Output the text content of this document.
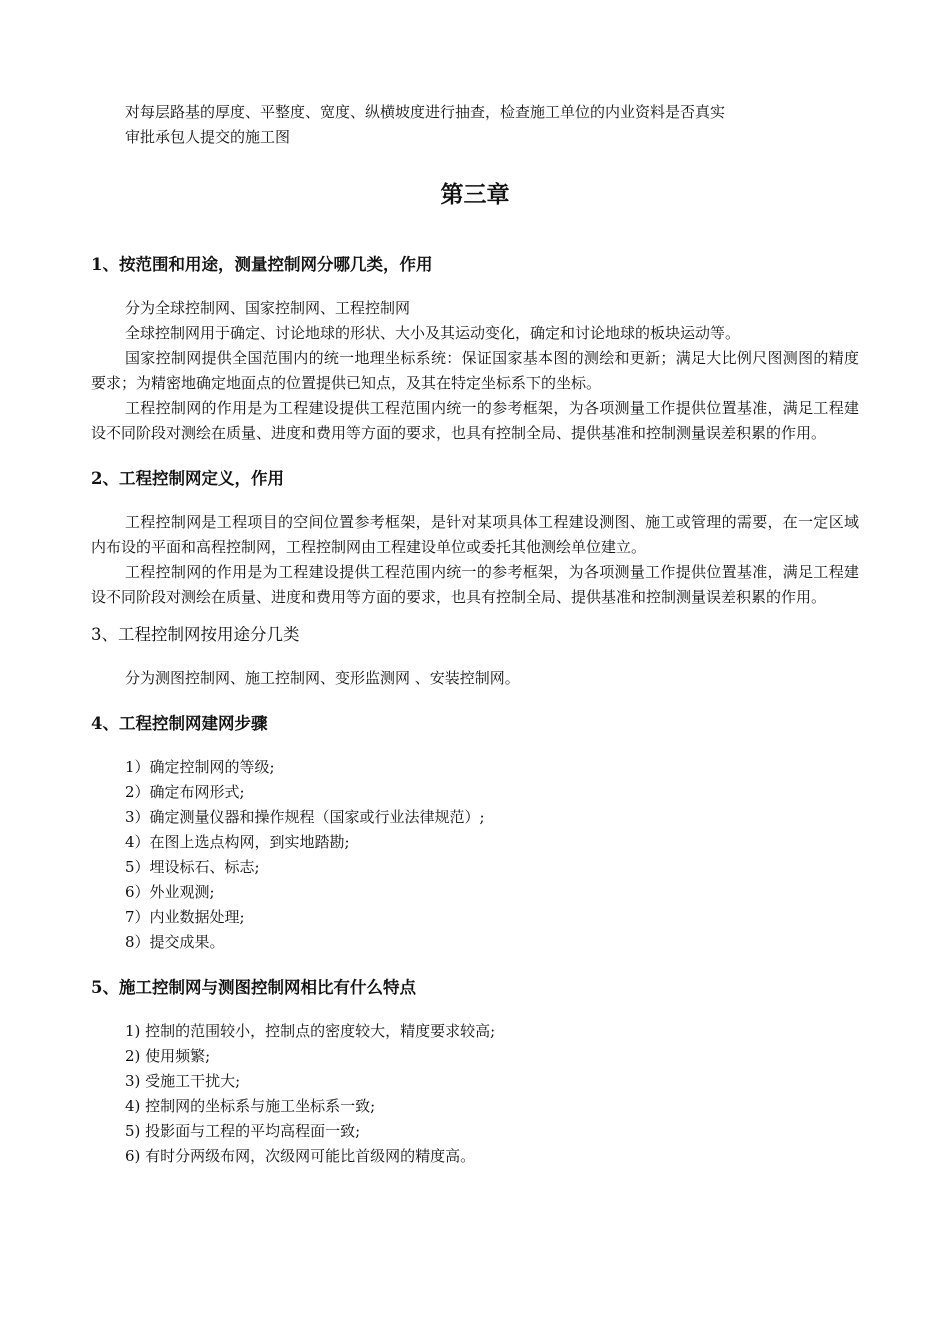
对每层路基的厚度、平整度、宽度、纵横坡度进行抽查，检查施工单位的内业资料是否真实

审批承包人提交的施工图

第三章
1、按范围和用途，测量控制网分哪几类，作用

分为全球控制网、国家控制网、工程控制网

全球控制网用于确定、讨论地球的形状、大小及其运动变化，确定和讨论地球的板块运动等。

国家控制网提供全国范围内的统一地理坐标系统：保证国家基本图的测绘和更新；满足大比例尺图测图的精度要求；为精密地确定地面点的位置提供已知点，及其在特定坐标系下的坐标。

工程控制网的作用是为工程建设提供工程范围内统一的参考框架，为各项测量工作提供位置基准，满足工程建设不同阶段对测绘在质量、进度和费用等方面的要求，也具有控制全局、提供基准和控制测量误差积累的作用。

2、工程控制网定义，作用

工程控制网是工程项目的空间位置参考框架，是针对某项具体工程建设测图、施工或管理的需要，在一定区域内布设的平面和高程控制网，工程控制网由工程建设单位或委托其他测绘单位建立。

工程控制网的作用是为工程建设提供工程范围内统一的参考框架，为各项测量工作提供位置基准，满足工程建设不同阶段对测绘在质量、进度和费用等方面的要求，也具有控制全局、提供基准和控制测量误差积累的作用。

3、工程控制网按用途分几类

分为测图控制网、施工控制网、变形监测网 、安装控制网。

4、工程控制网建网步骤
1）确定控制网的等级;
2）确定布网形式;
3）确定测量仪器和操作规程（国家或行业法律规范）;
4）在图上选点构网，到实地踏勘;
5）埋设标石、标志;
6）外业观测;
7）内业数据处理;
8）提交成果。
5、施工控制网与测图控制网相比有什么特点
1) 控制的范围较小，控制点的密度较大，精度要求较高;
2) 使用频繁;
3) 受施工干扰大;
4) 控制网的坐标系与施工坐标系一致;
5) 投影面与工程的平均高程面一致;
6) 有时分两级布网，次级网可能比首级网的精度高。
